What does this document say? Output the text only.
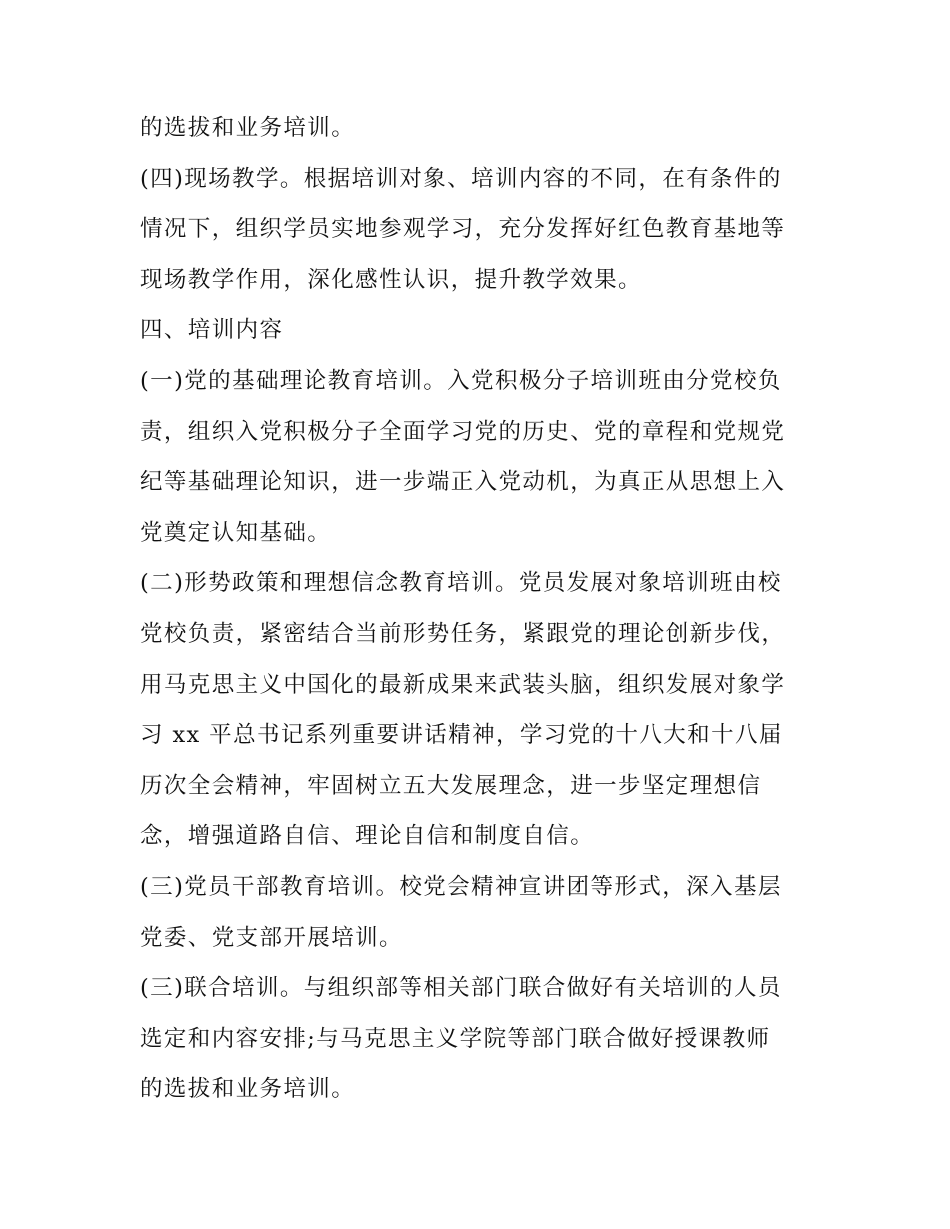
的选拔和业务培训。
(四)现场教学。根据培训对象、培训内容的不同，在有条件的
情况下，组织学员实地参观学习，充分发挥好红色教育基地等
现场教学作用，深化感性认识，提升教学效果。
四、培训内容
(一)党的基础理论教育培训。入党积极分子培训班由分党校负
责，组织入党积极分子全面学习党的历史、党的章程和党规党
纪等基础理论知识，进一步端正入党动机，为真正从思想上入
党奠定认知基础。
(二)形势政策和理想信念教育培训。党员发展对象培训班由校
党校负责，紧密结合当前形势任务，紧跟党的理论创新步伐，
用马克思主义中国化的最新成果来武装头脑，组织发展对象学
习 xx 平总书记系列重要讲话精神，学习党的十八大和十八届
历次全会精神，牢固树立五大发展理念，进一步坚定理想信
念，增强道路自信、理论自信和制度自信。
(三)党员干部教育培训。校党会精神宣讲团等形式，深入基层
党委、党支部开展培训。
(三)联合培训。与组织部等相关部门联合做好有关培训的人员
选定和内容安排;与马克思主义学院等部门联合做好授课教师
的选拔和业务培训。
